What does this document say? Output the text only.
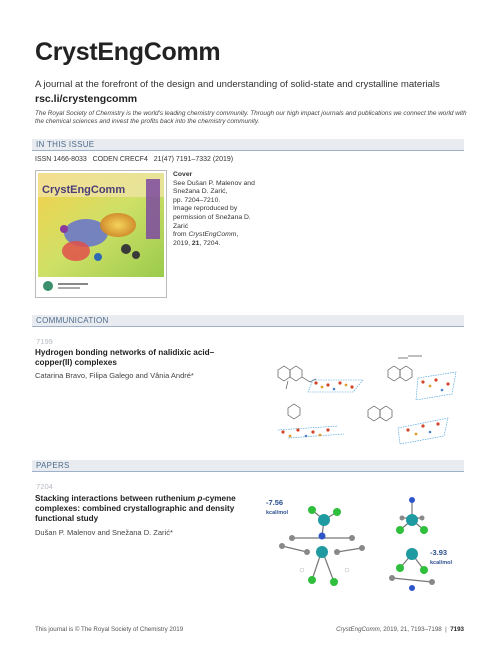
CrystEngComm
A journal at the forefront of the design and understanding of solid-state and crystalline materials
rsc.li/crystengcomm
The Royal Society of Chemistry is the world's leading chemistry community. Through our high impact journals and publications we connect the world with the chemical sciences and invest the profits back into the chemistry community.
IN THIS ISSUE
ISSN 1466-8033 CODEN CRECF4 21(47) 7191–7332 (2019)
CrystEngComm
Cover
See Dušan P. Malenov and
Snežana D. Zarić,
pp. 7204–7210.
Image reproduced by
permission of Snežana D. Zarić
from CrystEngComm,
2019, 21, 7204.
COMMUNICATION
7199
Hydrogen bonding networks of nalidixic acid–
copper(II) complexes
Catarina Bravo, Filipa Galego and Vânia André*
PAPERS
7204
Stacking interactions between ruthenium p-cymene
complexes: combined crystallographic and density
functional study
Dušan P. Malenov and Snežana D. Zarić*
-7.56
kcal/mol
-3.93
kcal/mol
This journal is © The Royal Society of Chemistry 2019	CrystEngComm, 2019, 21, 7193–7198 | 7193
